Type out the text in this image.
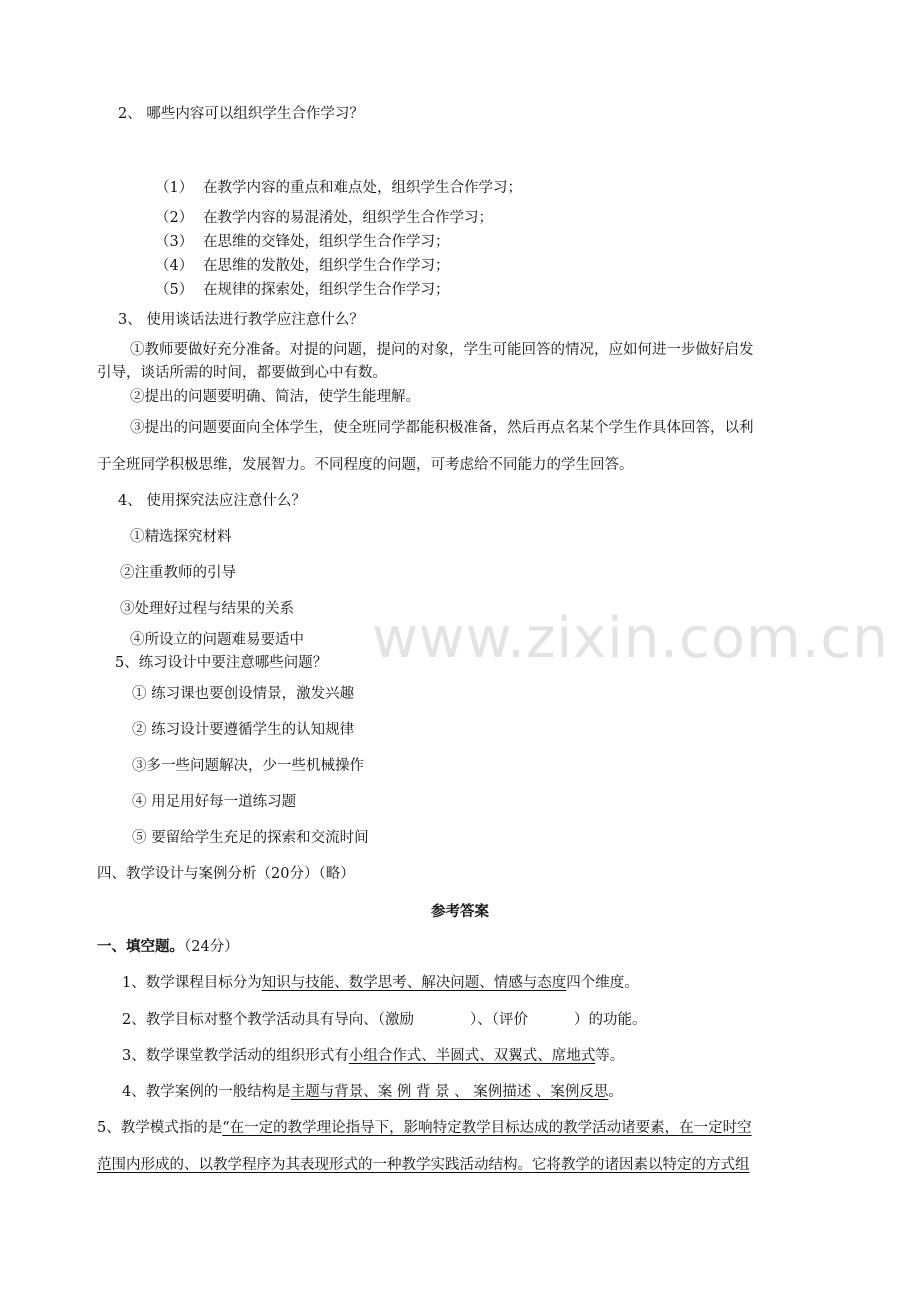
2、 哪些内容可以组织学生合作学习？
（1） 在教学内容的重点和难点处，组织学生合作学习；
（2） 在教学内容的易混淆处，组织学生合作学习；
（3） 在思维的交锋处，组织学生合作学习；
（4） 在思维的发散处，组织学生合作学习；
（5） 在规律的探索处，组织学生合作学习；
3、 使用谈话法进行教学应注意什么？
①教师要做好充分准备。对提的问题，提问的对象，学生可能回答的情况，应如何进一步做好启发
引导，谈话所需的时间，都要做到心中有数。
②提出的问题要明确、简洁，使学生能理解。
③提出的问题要面向全体学生，使全班同学都能积极准备，然后再点名某个学生作具体回答，以利
于全班同学积极思维，发展智力。不同程度的问题，可考虑给不同能力的学生回答。
4、 使用探究法应注意什么？
①精选探究材料
②注重教师的引导
③处理好过程与结果的关系
④所设立的问题难易要适中
5、练习设计中要注意哪些问题？
① 练习课也要创设情景，激发兴趣
② 练习设计要遵循学生的认知规律
③多一些问题解决，少一些机械操作
④ 用足用好每一道练习题
⑤ 要留给学生充足的探索和交流时间
四、教学设计与案例分析（20分）（略）
参考答案
一、填空题。（24分）
1、数学课程目标分为知识与技能、数学思考、解决问题、情感与态度四个维度。
2、教学目标对整个教学活动具有导向、（激励	）、（评价	）的功能。
3、数学课堂教学活动的组织形式有小组合作式、半圆式、双翼式、席地式等。
4、教学案例的一般结构是主题与背景、案 例 背 景 、 案例描述 、案例反思。
5、教学模式指的是“在一定的教学理论指导下，影响特定教学目标达成的教学活动诸要素，在一定时空
范围内形成的、以教学程序为其表现形式的一种教学实践活动结构。它将教学的诸因素以特定的方式组
www.zixin.com.cn
